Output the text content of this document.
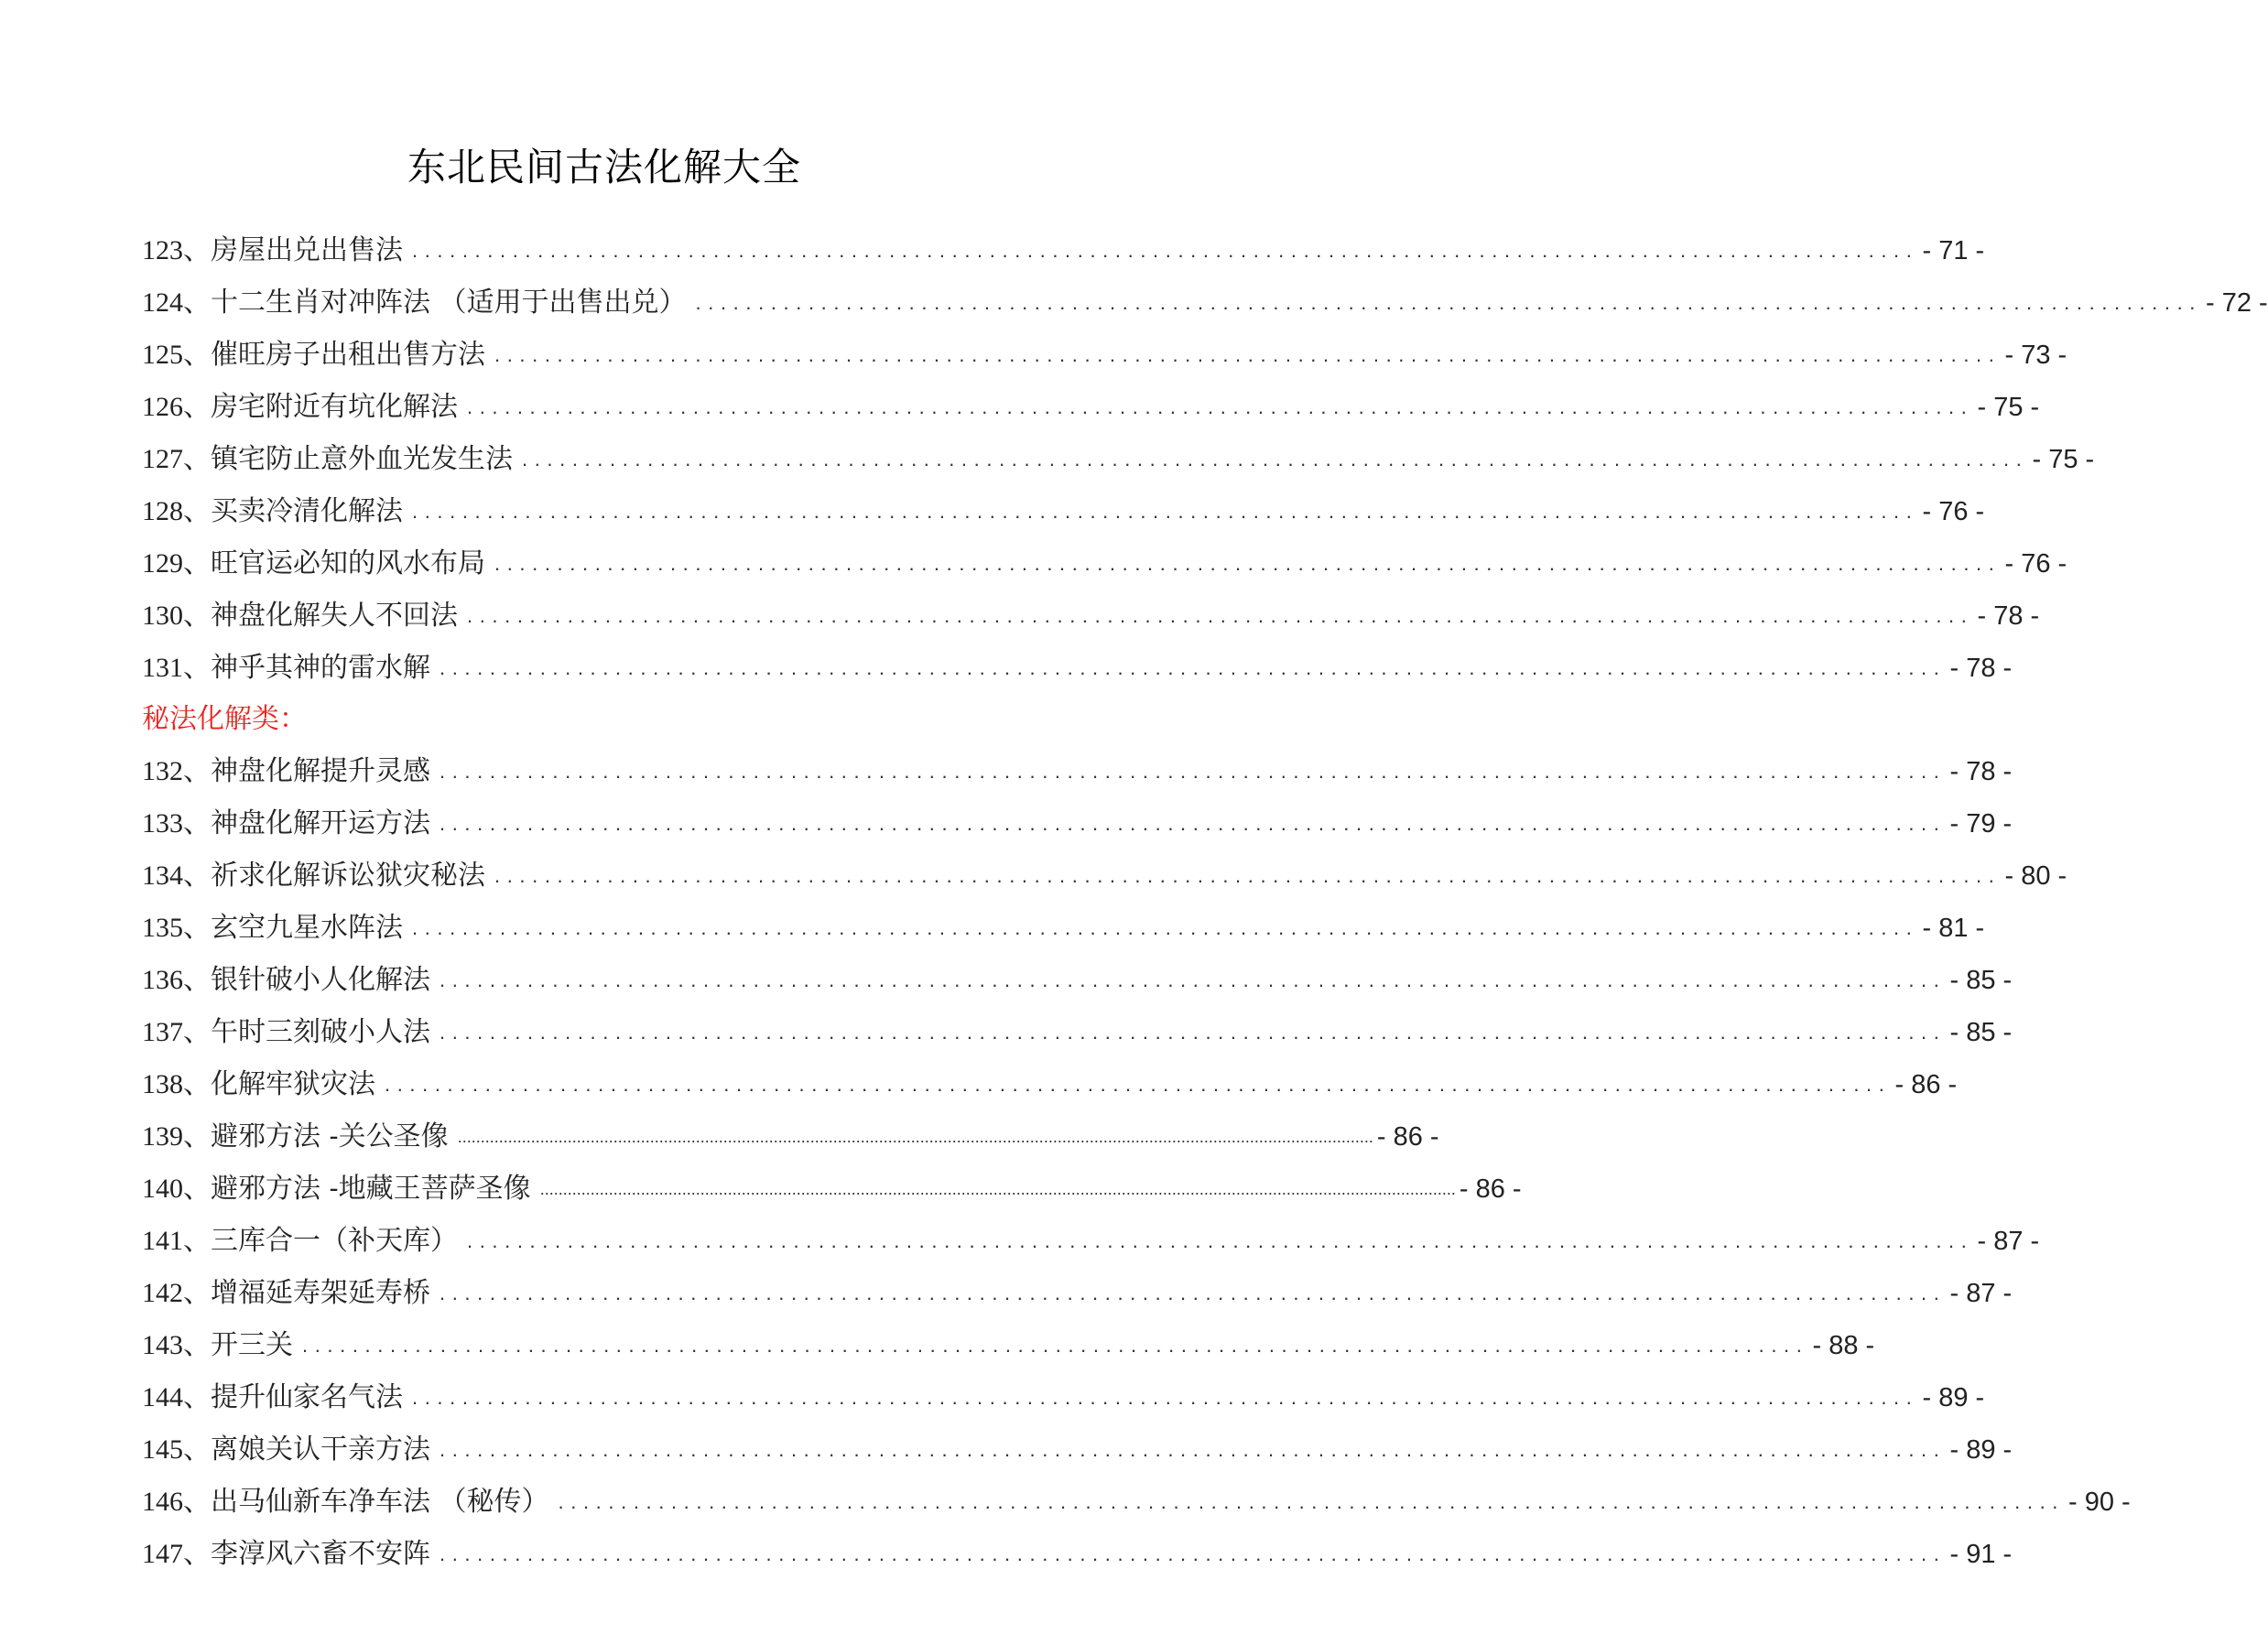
东北民间古法化解大全
123、 房屋出兑出售法 ........................................................................................................................ - 71 -
124、 十二生肖对冲阵法 （适用于出售出兑） ........................................................................................................................ - 72 -
125、 催旺房子出租出售方法 ........................................................................................................................ - 73 -
126、 房宅附近有坑化解法 ........................................................................................................................ - 75 -
127、 镇宅防止意外血光发生法 ........................................................................................................................ - 75 -
128、 买卖冷清化解法 ........................................................................................................................ - 76 -
129、 旺官运必知的风水布局 ........................................................................................................................ - 76 -
130、 神盘化解失人不回法 ........................................................................................................................ - 78 -
131、 神乎其神的雷水解 ........................................................................................................................ - 78 -
秘法化解类：
132、 神盘化解提升灵感 ........................................................................................................................ - 78 -
133、 神盘化解开运方法 ........................................................................................................................ - 79 -
134、 祈求化解诉讼狱灾秘法 ........................................................................................................................ - 80 -
135、 玄空九星水阵法 ........................................................................................................................ - 81 -
136、 银针破小人化解法 ........................................................................................................................ - 85 -
137、 午时三刻破小人法 ........................................................................................................................ - 85 -
138、 化解牢狱灾法 ........................................................................................................................ - 86 -
139、 避邪方法 -关公圣像 ........................................................................................................................................................................................................ - 86 -
140、 避邪方法 -地藏王菩萨圣像 ........................................................................................................................................................................................................ - 86 -
141、 三库合一（补天库） ........................................................................................................................ - 87 -
142、 增福延寿架延寿桥 ........................................................................................................................ - 87 -
143、 开三关 ........................................................................................................................ - 88 -
144、 提升仙家名气法 ........................................................................................................................ - 89 -
145、 离娘关认干亲方法 ........................................................................................................................ - 89 -
146、 出马仙新车净车法 （秘传） ........................................................................................................................ - 90 -
147、 李淳风六畜不安阵 ........................................................................................................................ - 91 -
